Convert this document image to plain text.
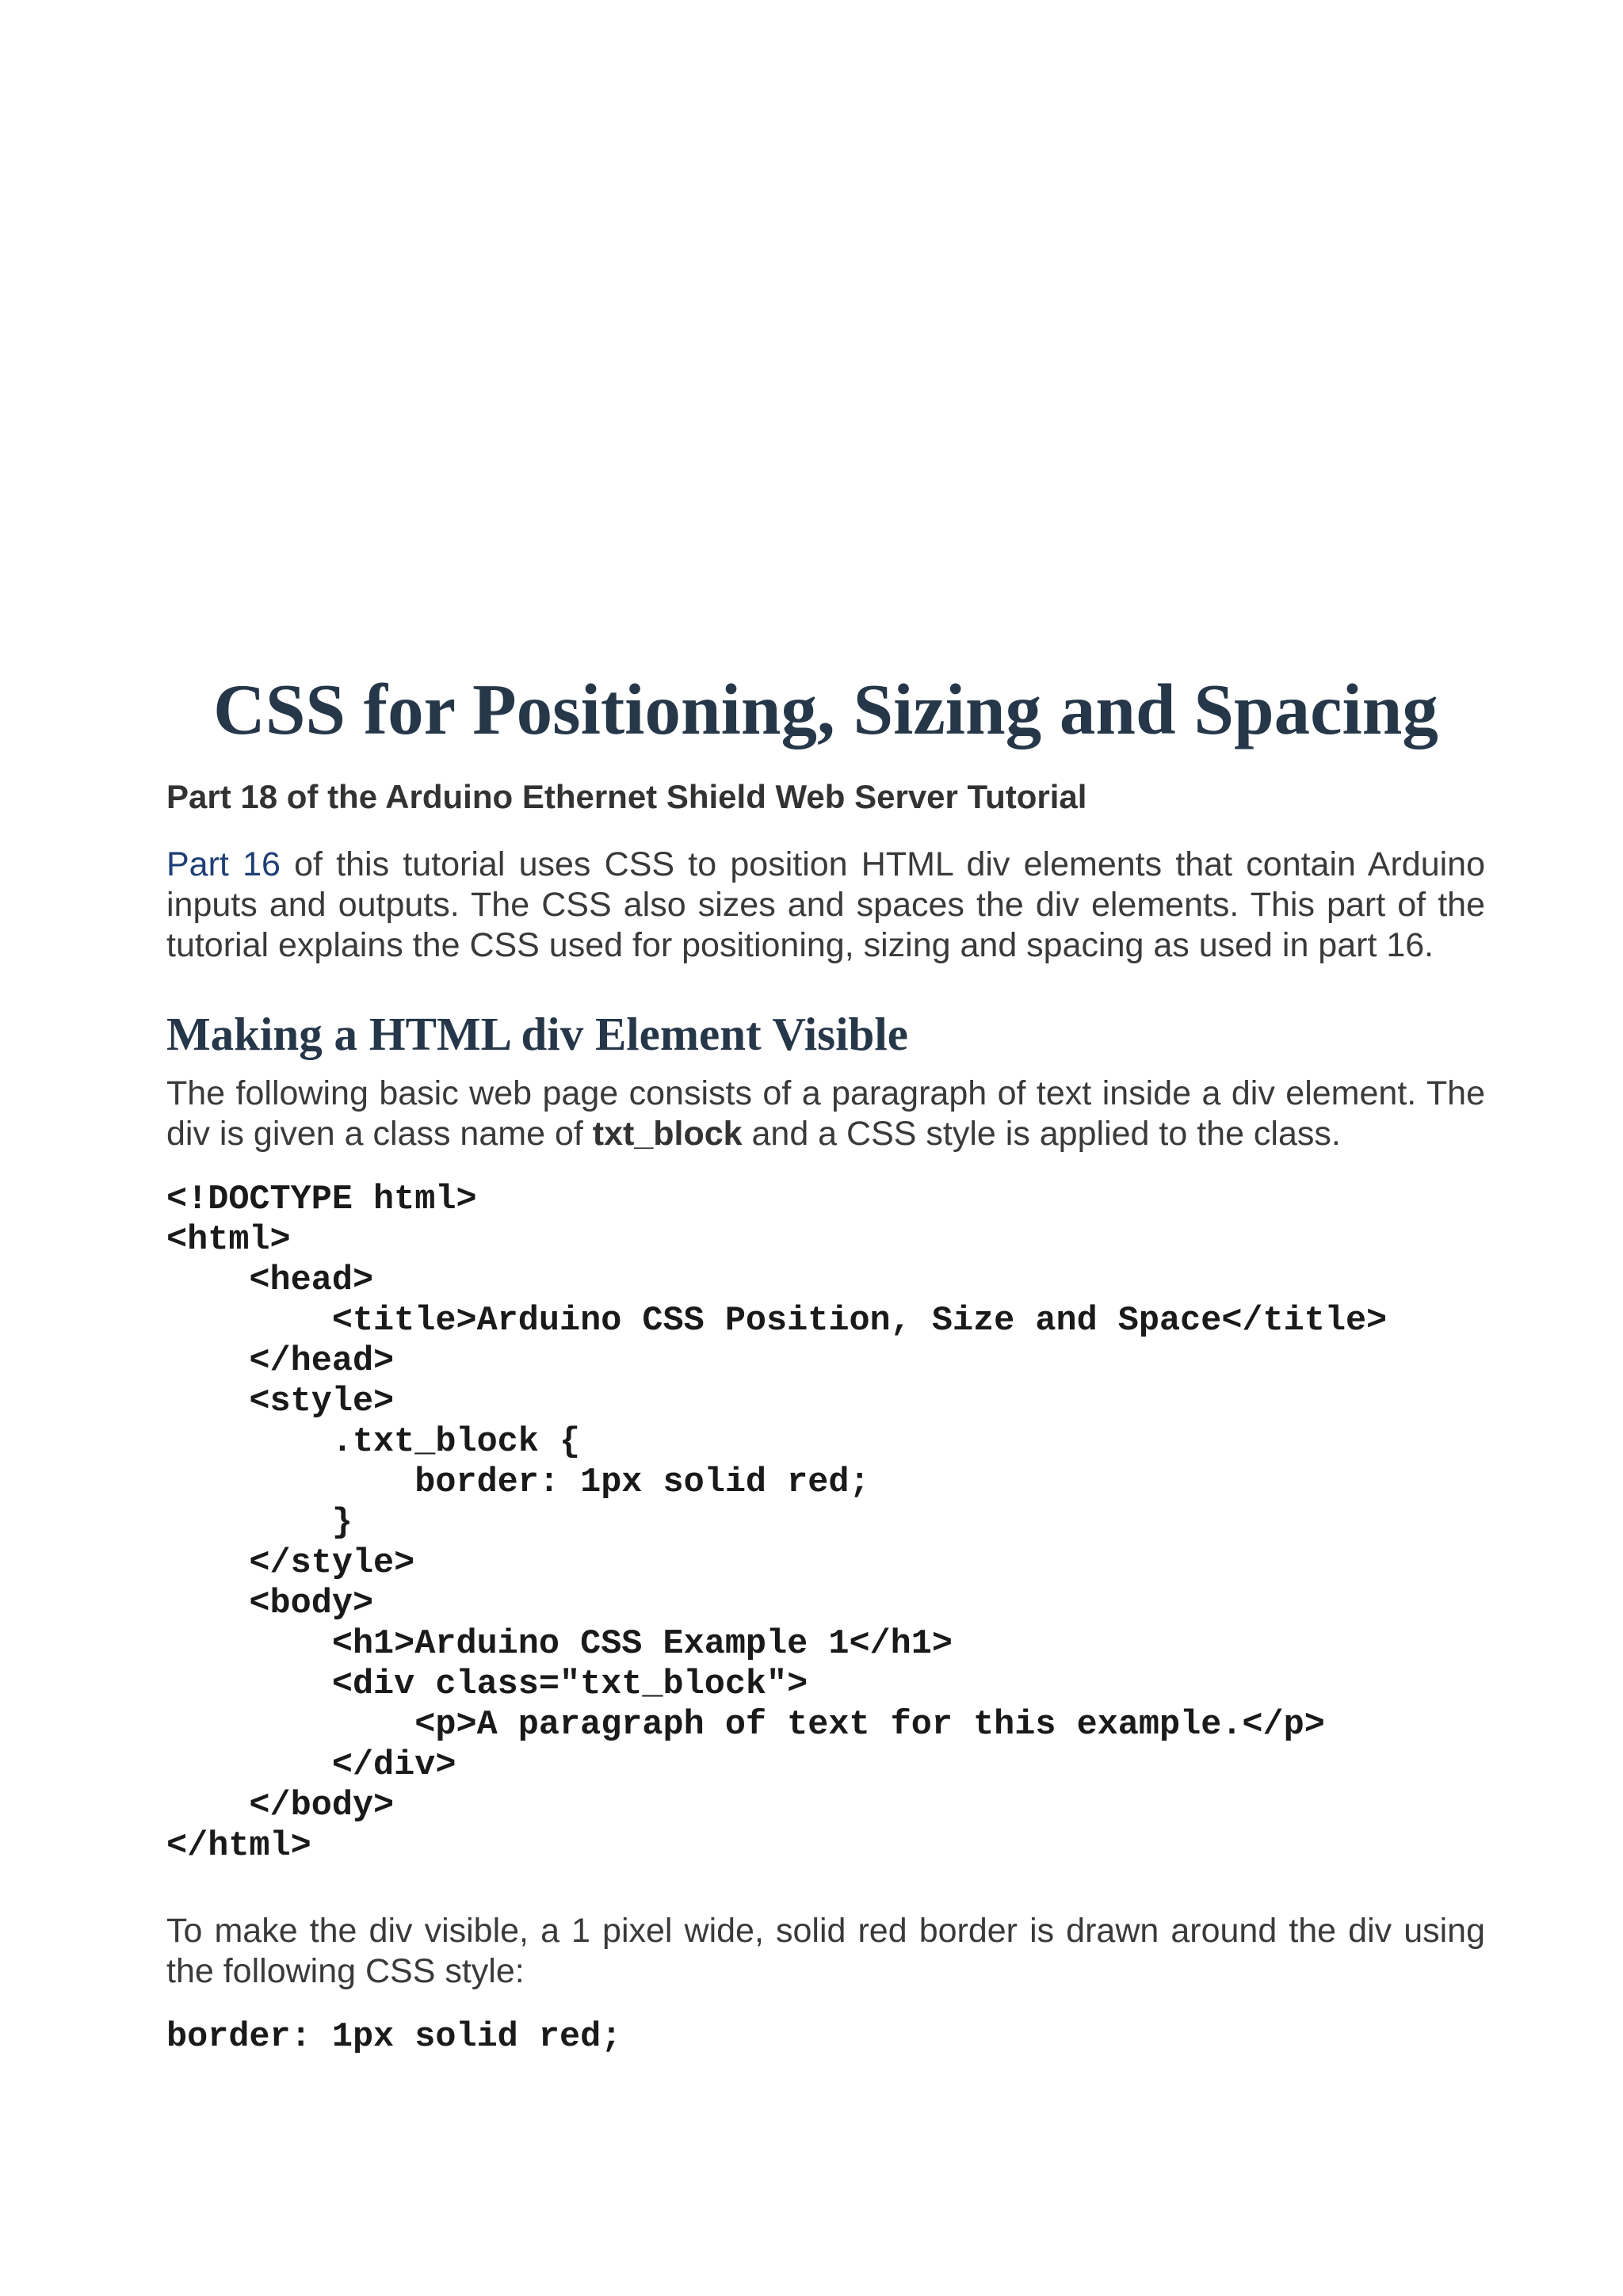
CSS for Positioning, Sizing and Spacing
Part 18 of the Arduino Ethernet Shield Web Server Tutorial

Part 16 of this tutorial uses CSS to position HTML div elements that contain Arduino inputs and outputs. The CSS also sizes and spaces the div elements. This part of the tutorial explains the CSS used for positioning, sizing and spacing as used in part 16.

Making a HTML div Element Visible

The following basic web page consists of a paragraph of text inside a div element. The div is given a class name of txt_block and a CSS style is applied to the class.

<!DOCTYPE html>
<html>
<head>
<title>Arduino CSS Position, Size and Space</title>
</head>
<style>
.txt_block {
border: 1px solid red;
}
</style>
<body>
<h1>Arduino CSS Example 1</h1>
<div class="txt_block">
<p>A paragraph of text for this example.</p>
</div>
</body>
</html>

To make the div visible, a 1 pixel wide, solid red border is drawn around the div using the following CSS style:

border: 1px solid red;
